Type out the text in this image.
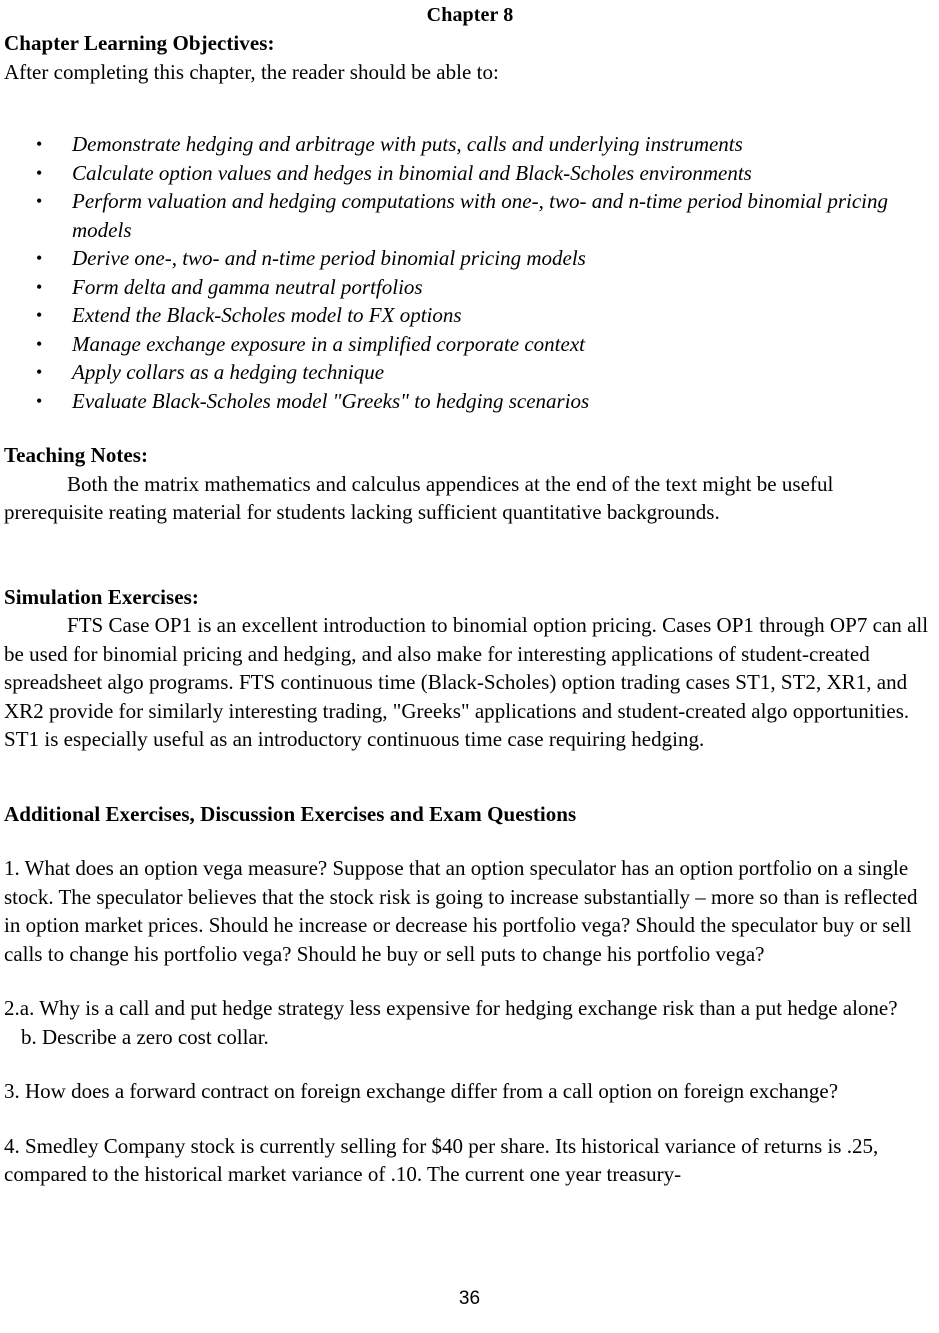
Chapter 8
Chapter Learning Objectives:
After completing this chapter, the reader should be able to:
• Demonstrate hedging and arbitrage with puts, calls and underlying instruments
• Calculate option values and hedges in binomial and Black-Scholes environments
• Perform valuation and hedging computations with one-, two- and n-time period binomial pricing models
• Derive one-, two- and n-time period binomial pricing models
• Form delta and gamma neutral portfolios
• Extend the Black-Scholes model to FX options
• Manage exchange exposure in a simplified corporate context
• Apply collars as a hedging technique
• Evaluate Black-Scholes model "Greeks" to hedging scenarios
Teaching Notes:
Both the matrix mathematics and calculus appendices at the end of the text might be useful prerequisite reating material for students lacking sufficient quantitative backgrounds.
Simulation Exercises:
FTS Case OP1 is an excellent introduction to binomial option pricing. Cases OP1 through OP7 can all be used for binomial pricing and hedging, and also make for interesting applications of student-created spreadsheet algo programs. FTS continuous time (Black-Scholes) option trading cases ST1, ST2, XR1, and XR2 provide for similarly interesting trading, "Greeks" applications and student-created algo opportunities. ST1 is especially useful as an introductory continuous time case requiring hedging.
Additional Exercises, Discussion Exercises and Exam Questions
1. What does an option vega measure? Suppose that an option speculator has an option portfolio on a single stock. The speculator believes that the stock risk is going to increase substantially – more so than is reflected in option market prices. Should he increase or decrease his portfolio vega? Should the speculator buy or sell calls to change his portfolio vega? Should he buy or sell puts to change his portfolio vega?
2.a. Why is a call and put hedge strategy less expensive for hedging exchange risk than a put hedge alone?
b. Describe a zero cost collar.
3. How does a forward contract on foreign exchange differ from a call option on foreign exchange?
4. Smedley Company stock is currently selling for $40 per share. Its historical variance of returns is .25, compared to the historical market variance of .10. The current one year treasury-
36
